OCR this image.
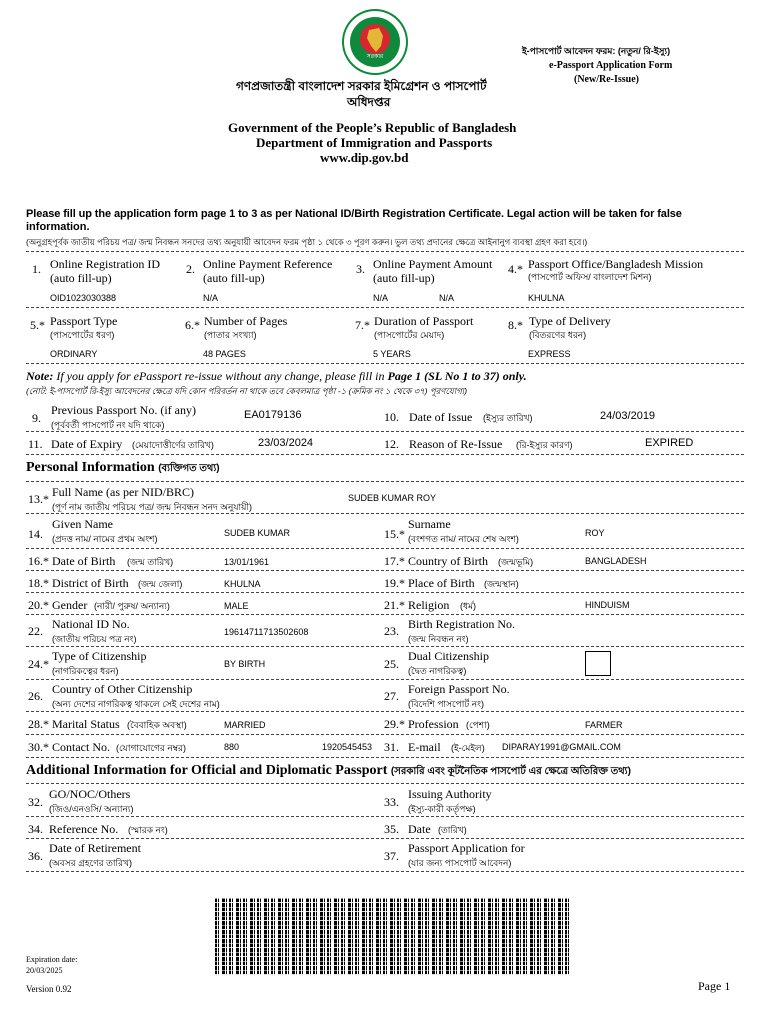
সরকার
গণপ্রজাতন্ত্রী বাংলাদেশ সরকার ইমিগ্রেশন ও পাসপোর্ট
অধিদপ্তর
Government of the People’s Republic of Bangladesh
Department of Immigration and Passports
www.dip.gov.bd
ই-পাসপোর্ট আবেদন ফরম: (নতুন/ রি-ইস্যু)
e-Passport Application Form
(New/Re-Issue)
Please fill up the application form page 1 to 3 as per National ID/Birth Registration Certificate. Legal action will be taken for false
information.
(অনুগ্রহপূর্বক জাতীয় পরিচয় পত্র/ জন্ম নিবন্ধন সনদের তথ্য অনুযায়ী আবেদন ফরম পৃষ্ঠা ১ থেকে ৩ পূরণ করুন। ভুল তথ্য প্রদানের ক্ষেত্রে আইনানুগ ব্যবস্থা গ্রহণ করা হবে।)
1. Online Registration ID
(auto fill-up)
OID1023030388
2. Online Payment Reference
(auto fill-up)
N/A
3. Online Payment Amount
(auto fill-up)
N/A	N/A
4.* Passport Office/Bangladesh Mission
(পাসপোর্ট অফিস/ বাংলাদেশ মিশন)
KHULNA
5.* Passport Type
(পাসপোর্টের ধরণ)
ORDINARY
6.* Number of Pages
(পাতার সংখ্যা)
48 PAGES
7.* Duration of Passport
(পাসপোর্টের মেয়াদ)
5 YEARS
8.* Type of Delivery
(বিতরণের ধরন)
EXPRESS
Note: If you apply for ePassport re-issue without any change, please fill in Page 1 (SL No 1 to 37) only.
(নোট: ই-পাসপোর্ট রি-ইস্যু আবেদনের ক্ষেত্রে যদি কোন পরিবর্তন না থাকে তবে কেবলমাত্র পৃষ্ঠা -১ (ক্রমিক নং ১ থেকে ৩৭) পূরণযোগ্য)
9.
Previous Passport No. (if any)
(পূর্ববর্তী পাসপোর্ট নং যদি থাকে)
EA0179136	10. Date of Issue (ইস্যুর তারিখ)	24/03/2019
11. Date of Expiry (মেয়াদোত্তীর্ণের তারিখ)	23/03/2024	12. Reason of Re-Issue (রি-ইস্যুর কারণ)	EXPIRED
Personal Information (ব্যক্তিগত তথ্য)
13.* Full Name (as per NID/BRC)
(পূর্ণ নাম জাতীয় পরিচয় পত্র/ জন্ম নিবন্ধন সনদ অনুযায়ী)
SUDEB KUMAR ROY
14.
Given Name
(প্রদত্ত নাম/ নামের প্রথম অংশ)
SUDEB KUMAR	15.*
Surname
(বংশগত নাম/ নামের শেষ অংশ)
ROY
16.* Date of Birth (জন্ম তারিখ)	13/01/1961	17.* Country of Birth (জন্মভূমি)	BANGLADESH
18.* District of Birth (জন্ম জেলা)	KHULNA	19.* Place of Birth (জন্মস্থান)
20.* Gender (নারী/ পুরুষ/ অন্যান্য)	MALE	21.* Religion (ধর্ম)	HINDUISM
22. National ID No.
(জাতীয় পরিচয় পত্র নং)
19614711713502608	23. Birth Registration No.
(জন্ম নিবন্ধন নং)
24.*
Type of Citizenship
(নাগরিকত্বের ধরন)
BY BIRTH	25.
Dual Citizenship
(দ্বৈত নাগরিকত্ব)
26. Country of Other Citizenship
(অন্য দেশের নাগরিকত্ব থাকলে সেই দেশের নাম)
27. Foreign Passport No.
(বিদেশি পাসপোর্ট নং)
28.* Marital Status (বৈবাহিক অবস্থা)	MARRIED	29.* Profession (পেশা)	FARMER
30.* Contact No. (যোগাযোগের নম্বর)	880	1920545453 31. E-mail (ই-মেইল) DIPARAY1991@GMAIL.COM
Additional Information for Official and Diplomatic Passport (সরকারি এবং কূটনৈতিক পাসপোর্ট এর ক্ষেত্রে অতিরিক্ত তথ্য)
32.
GO/NOC/Others
(জিও/এনওসি/ অন্যান্য)	33.
Issuing Authority
(ইস্যু-কারী কর্তৃপক্ষ)
34. Reference No. (স্মারক নং)	35. Date (তারিখ)
36.
Date of Retirement
(অবসর গ্রহণের তারিখ)	37.
Passport Application for
(যার জন্য পাসপোর্ট আবেদন)
Expiration date:
20/03/2025
Version 0.92	Page 1
